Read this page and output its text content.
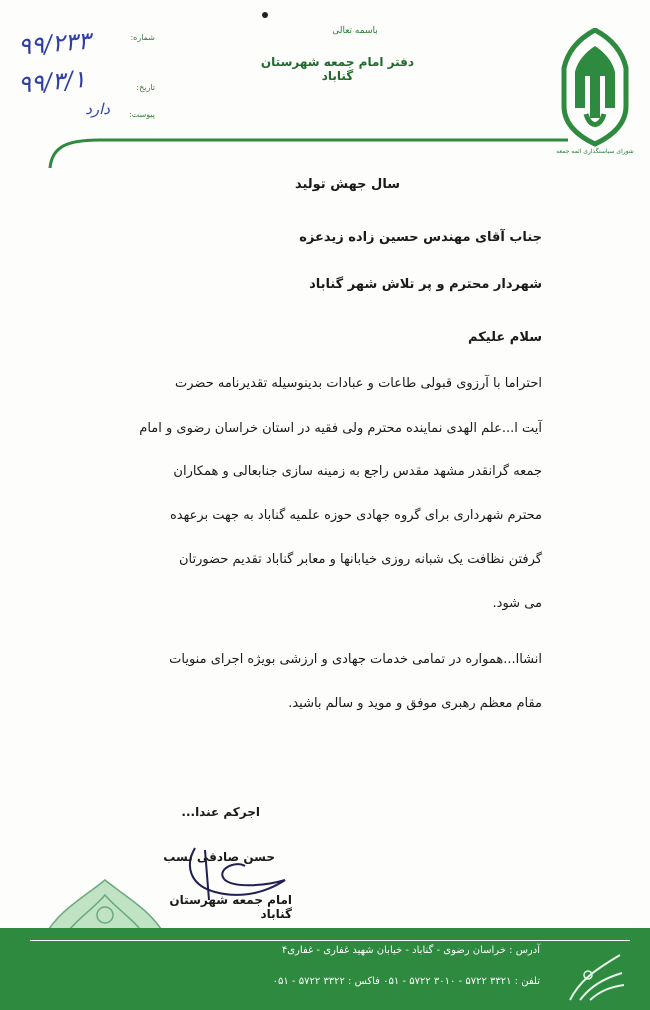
باسمه تعالی
دفتر امام جمعه شهرستان گناباد
شورای سیاستگذاری ائمه جمعه
شماره:
تاریخ:
پیوست:
۹۹/۲۳۳
۹۹/۳/۱
دارد
سال جهش تولید
جناب آقای مهندس حسین زاده زیدعزه
شهردار محترم و پر تلاش شهر گناباد
سلام علیکم
احتراما با آرزوی قبولی طاعات و عبادات بدینوسیله تقدیرنامه حضرت
آیت ا...علم الهدی نماینده محترم ولی فقیه در استان خراسان رضوی و امام
جمعه گرانقدر مشهد مقدس راجع به زمینه سازی جنابعالی و همکاران
محترم شهرداری برای گروه جهادی حوزه علمیه گناباد به جهت برعهده
گرفتن نظافت یک شبانه روزی خیابانها و معابر گناباد تقدیم حضورتان
می شود.
انشاا...همواره در تمامی خدمات جهادی و ارزشی بویژه اجرای منویات
مقام معظم رهبری موفق و موید و سالم باشید.
اجرکم عندا...
حسن صادقی نسب
امام جمعه شهرستان گناباد
آدرس : خراسان رضوی - گناباد - خیابان شهید غفاری - غفاری۴
تلفن : ۳۳۲۱ ۵۷۲۲ - ۳۰۱۰ ۵۷۲۲ - ۰۵۱ فاکس : ۳۳۲۲ ۵۷۲۲ - ۰۵۱
